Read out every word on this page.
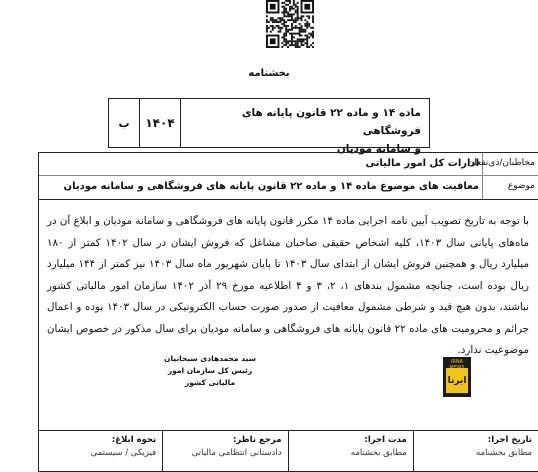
بخشنامه
ب	۱۴۰۴
ماده ۱۴ و ماده ۲۲ قانون پایانه های فروشگاهی
و سامانه مودیان
مخاطبان/ذی‌نفعان
ادارات کل امور مالیاتی
موضوع
معافیت های موضوع ماده ۱۴ و ماده ۲۲ قانون پایانه های فروشگاهی و سامانه مودیان
با توجه به تاریخ تصویب آیین نامه اجرایی ماده ۱۴ مکرر قانون پایانه های فروشگاهی و سامانه مودیان و ابلاغ آن در ماه‌های پایانی سال ۱۴۰۳، کلیه اشخاص حقیقی صاحبان مشاغل که فروش ایشان در سال ۱۴۰۲ کمتر از ۱۸۰ میلیارد ریال و همچنین فروش ایشان از ابتدای سال ۱۴۰۳ تا پایان شهریور ماه سال ۱۴۰۳ نیز کمتر از ۱۴۴ میلیارد ریال بوده است، چنانچه مشمول بندهای ۱، ۲، ۳ و ۴ اطلاعیه مورخ ۲۹ آذر ۱۴۰۲ سازمان امور مالیاتی کشور نباشند، بدون هیچ قید و شرطی مشمول معافیت از صدور صورت حساب الکترونیکی در سال ۱۴۰۳ بوده و اعمال جرائم و محرومیت های ماده ۲۲ قانون پایانه های فروشگاهی و سامانه مودیان برای سال مذکور در خصوص ایشان موضوعیت ندارد.
سید محمدهادی سبحانیان
رئیس کل سازمان امور مالیاتی کشور
IRNA
ایرنا
تاریخ اجرا:
مطابق بخشنامه
مدت اجرا:
مطابق بخشنامه
مرجع ناظر:
دادستانی انتظامی مالیاتی
نحوه ابلاغ:
فیزیکی / سیستمی
